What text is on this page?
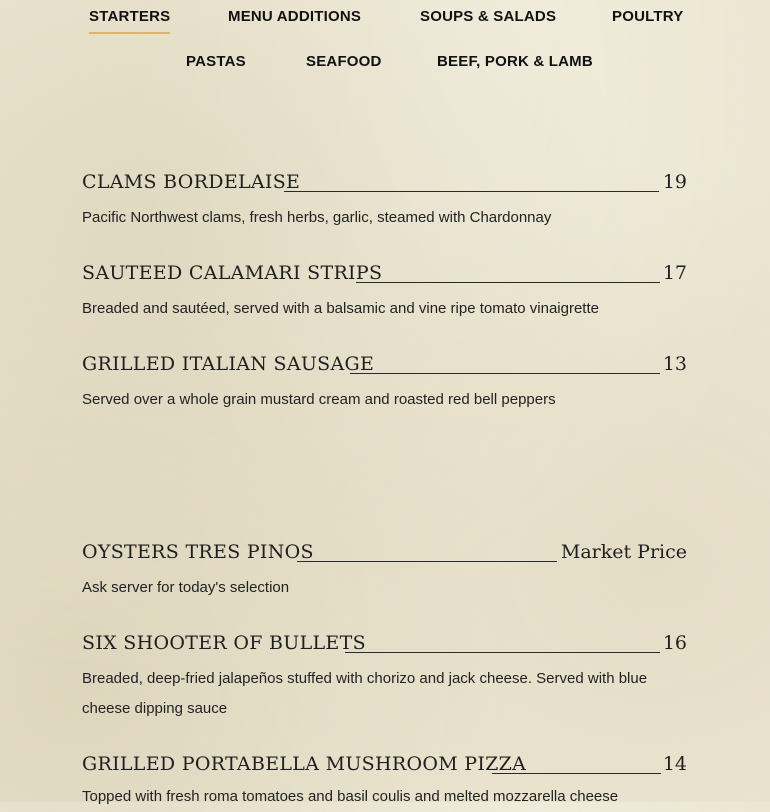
STARTERS	MENU ADDITIONS	SOUPS & SALADS	POULTRY
PASTAS	SEAFOOD	BEEF, PORK & LAMB
CLAMS BORDELAISE	19
Pacific Northwest clams, fresh herbs, garlic, steamed with Chardonnay
SAUTEED CALAMARI STRIPS	17
Breaded and sautéed, served with a balsamic and vine ripe tomato vinaigrette
GRILLED ITALIAN SAUSAGE	13
Served over a whole grain mustard cream and roasted red bell peppers
OYSTERS TRES PINOS	Market Price
Ask server for today's selection
SIX SHOOTER OF BULLETS	16
Breaded, deep-fried jalapeños stuffed with chorizo and jack cheese. Served with blue cheese dipping sauce
GRILLED PORTABELLA MUSHROOM PIZZA	14
Topped with fresh roma tomatoes and basil coulis and melted mozzarella cheese
